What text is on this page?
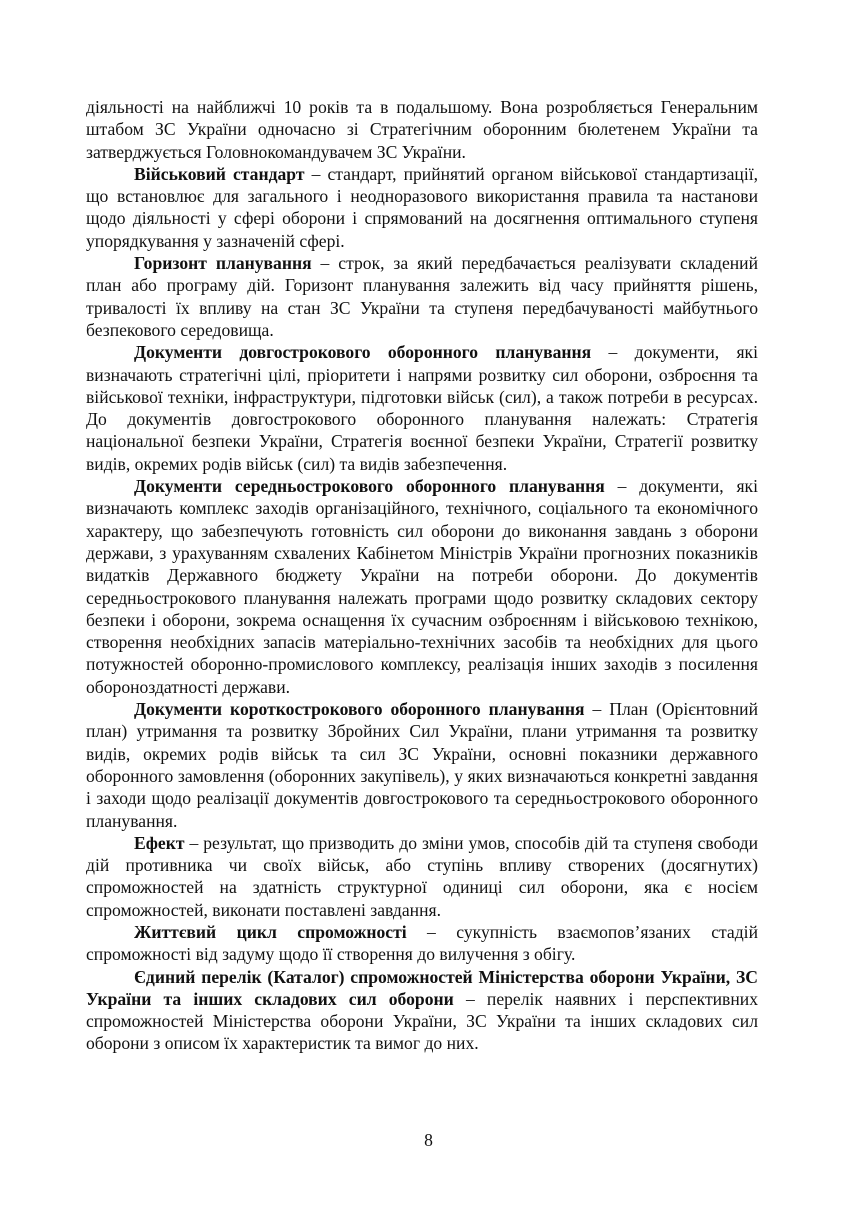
діяльності на найближчі 10 років та в подальшому. Вона розробляється Генеральним штабом ЗС України одночасно зі Стратегічним оборонним бюлетенем України та затверджується Головнокомандувачем ЗС України.

Військовий стандарт – стандарт, прийнятий органом військової стандартизації, що встановлює для загального і неодноразового використання правила та настанови щодо діяльності у сфері оборони і спрямований на досягнення оптимального ступеня упорядкування у зазначеній сфері.

Горизонт планування – строк, за який передбачається реалізувати складений план або програму дій. Горизонт планування залежить від часу прийняття рішень, тривалості їх впливу на стан ЗС України та ступеня передбачуваності майбутнього безпекового середовища.

Документи довгострокового оборонного планування – документи, які визначають стратегічні цілі, пріоритети і напрями розвитку сил оборони, озброєння та військової техніки, інфраструктури, підготовки військ (сил), а також потреби в ресурсах. До документів довгострокового оборонного планування належать: Стратегія національної безпеки України, Стратегія воєнної безпеки України, Стратегії розвитку видів, окремих родів військ (сил) та видів забезпечення.

Документи середньострокового оборонного планування – документи, які визначають комплекс заходів організаційного, технічного, соціального та економічного характеру, що забезпечують готовність сил оборони до виконання завдань з оборони держави, з урахуванням схвалених Кабінетом Міністрів України прогнозних показників видатків Державного бюджету України на потреби оборони. До документів середньострокового планування належать програми щодо розвитку складових сектору безпеки і оборони, зокрема оснащення їх сучасним озброєнням і військовою технікою, створення необхідних запасів матеріально-технічних засобів та необхідних для цього потужностей оборонно-промислового комплексу, реалізація інших заходів з посилення обороноздатності держави.

Документи короткострокового оборонного планування – План (Орієнтовний план) утримання та розвитку Збройних Сил України, плани утримання та розвитку видів, окремих родів військ та сил ЗС України, основні показники державного оборонного замовлення (оборонних закупівель), у яких визначаються конкретні завдання і заходи щодо реалізації документів довгострокового та середньострокового оборонного планування.

Ефект – результат, що призводить до зміни умов, способів дій та ступеня свободи дій противника чи своїх військ, або ступінь впливу створених (досягнутих) спроможностей на здатність структурної одиниці сил оборони, яка є носієм спроможностей, виконати поставлені завдання.

Життєвий цикл спроможності – сукупність взаємопов’язаних стадій спроможності від задуму щодо її створення до вилучення з обігу.

Єдиний перелік (Каталог) спроможностей Міністерства оборони України, ЗС України та інших складових сил оборони – перелік наявних і перспективних спроможностей Міністерства оборони України, ЗС України та інших складових сил оборони з описом їх характеристик та вимог до них.

8
